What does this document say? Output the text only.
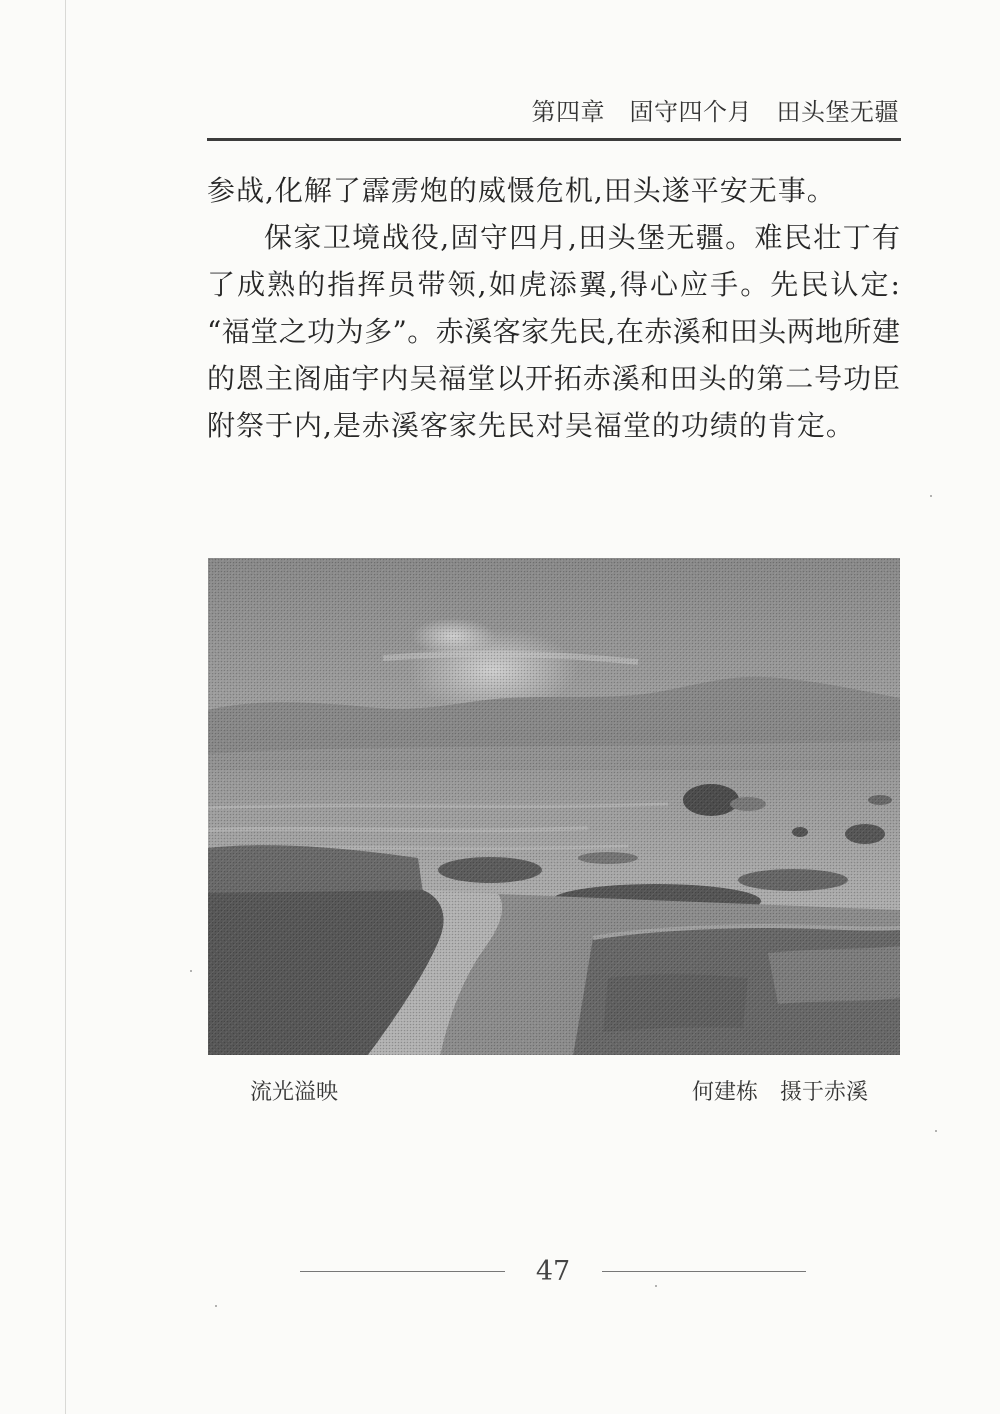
第四章　固守四个月　田头堡无疆
参战,化解了霹雳炮的威慑危机,田头遂平安无事。
保家卫境战役,固守四月,田头堡无疆。难民壮丁有
了成熟的指挥员带领,如虎添翼,得心应手。先民认定:
“福堂之功为多”。赤溪客家先民,在赤溪和田头两地所建
的恩主阁庙宇内吴福堂以开拓赤溪和田头的第二号功臣
附祭于内,是赤溪客家先民对吴福堂的功绩的肯定。
流光溢映	何建栋　摄于赤溪
47
